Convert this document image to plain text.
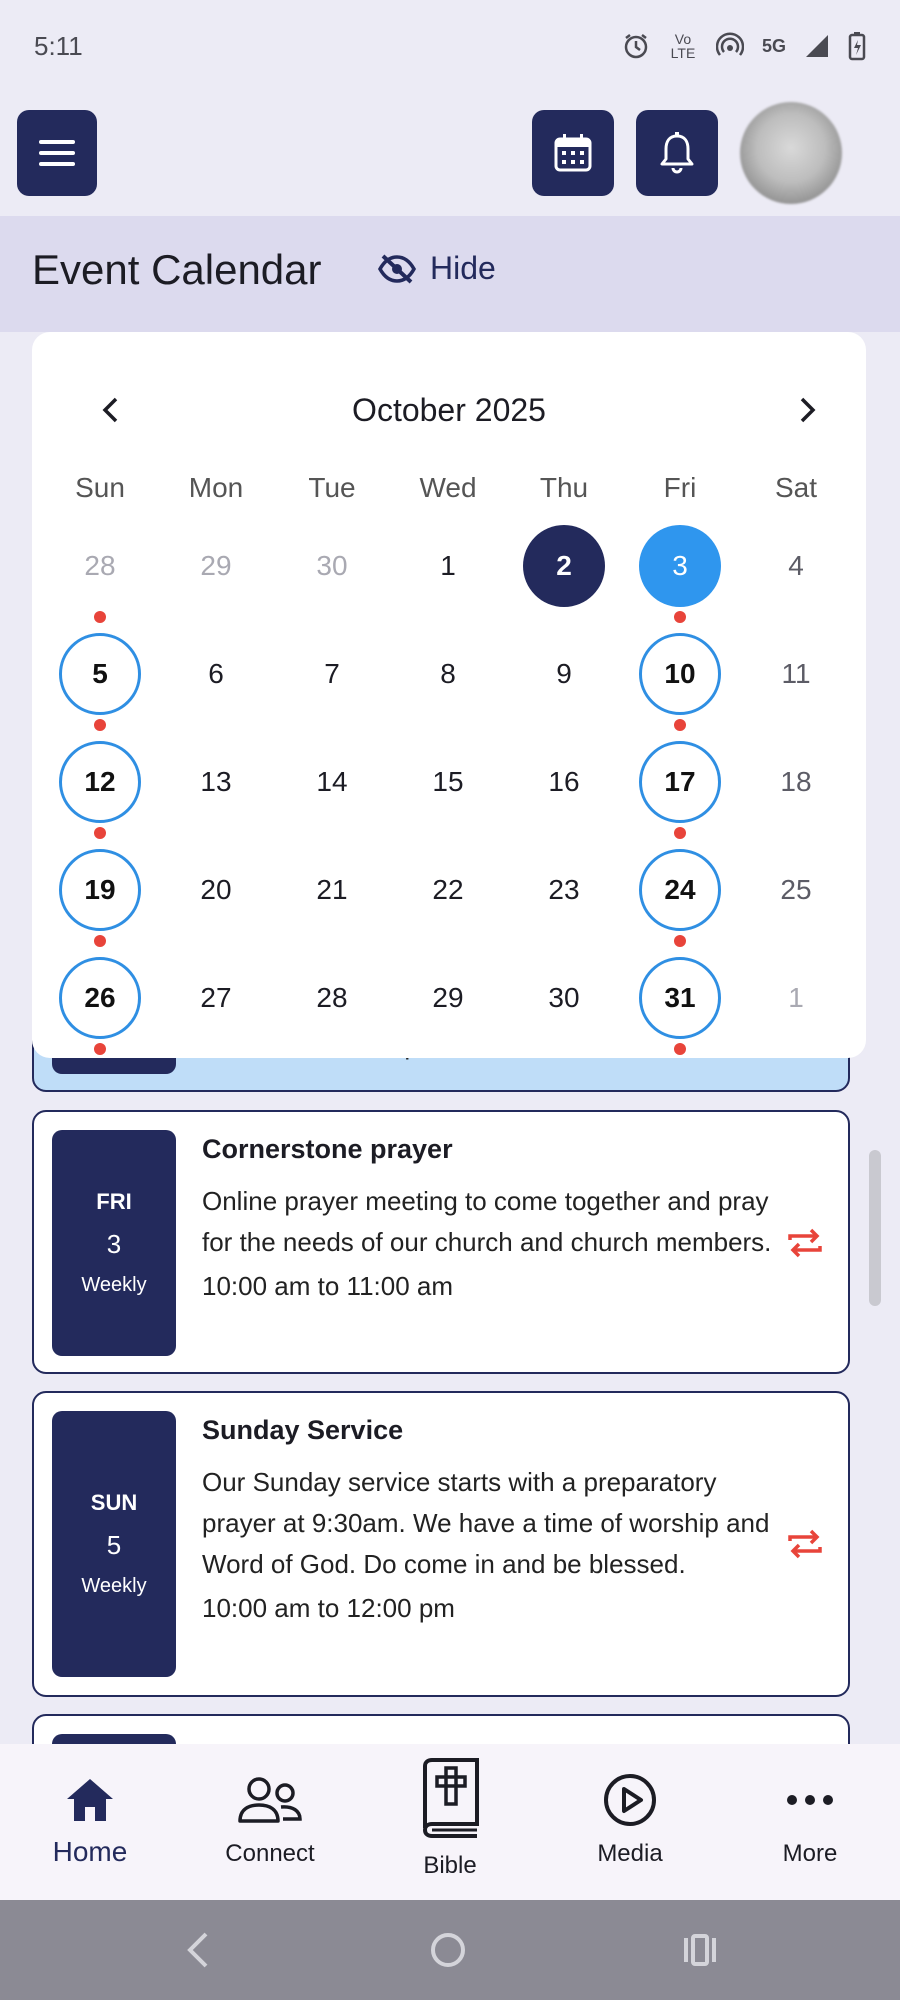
5:11	Vo LTE	5G
Event Calendar	Hide
FRI
3
Weekly
Cornerstone prayer
Online prayer meeting to come together and pray for the needs of our church and church members.
10:00 am to 11:00 am
SUN
5
Weekly
Sunday Service
Our Sunday service starts with a preparatory prayer at 9:30am. We have a time of worship and Word of God. Do come in and be blessed.
10:00 am to 12:00 pm
October 2025
Sun	Mon	Tue	Wed	Thu	Fri	Sat
28	29	30	1	2	3	4
5	6	7	8	9	10	11
12	13	14	15	16	17	18
19	20	21	22	23	24	25
26	27	28	29	30	31	1
Home	Connect	Bible	Media	More
